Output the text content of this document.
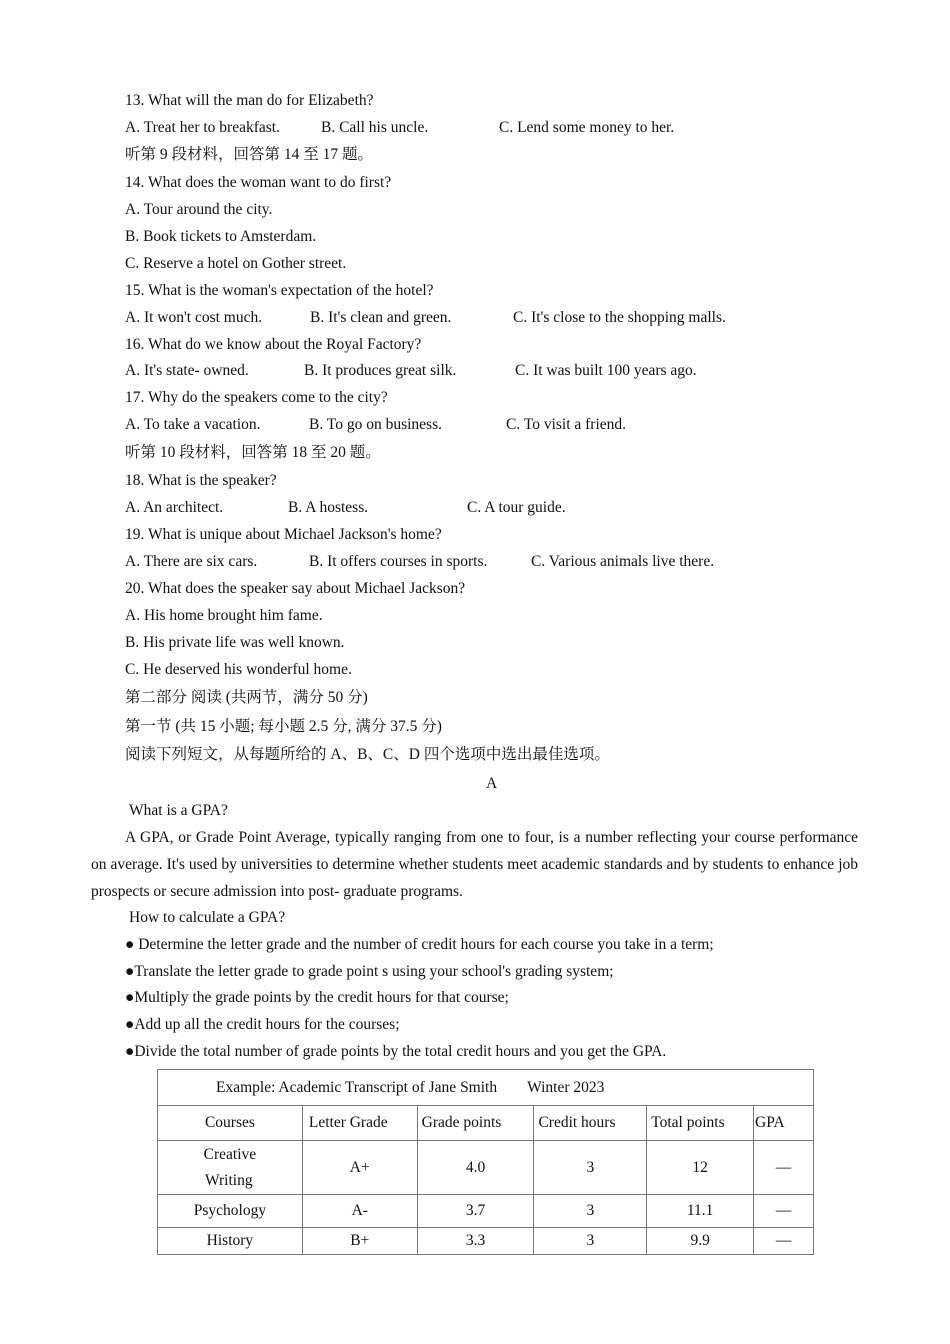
13. What will the man do for Elizabeth?
A. Treat her to breakfast.	B. Call his uncle.	C. Lend some money to her.
听第 9 段材料，回答第 14 至 17 题。
14. What does the woman want to do first?
A. Tour around the city.
B. Book tickets to Amsterdam.
C. Reserve a hotel on Gother street.
15. What is the woman's expectation of the hotel?
A. It won't cost much.	B. It's clean and green.	C. It's close to the shopping malls.
16. What do we know about the Royal Factory?
A. It's state- owned.	B. It produces great silk.	C. It was built 100 years ago.
17. Why do the speakers come to the city?
A. To take a vacation.	B. To go on business.	C. To visit a friend.
听第 10 段材料，回答第 18 至 20 题。
18. What is the speaker?
A. An architect.	B. A hostess.	C. A tour guide.
19. What is unique about Michael Jackson's home?
A. There are six cars.	B. It offers courses in sports.	C. Various animals live there.
20. What does the speaker say about Michael Jackson?
A. His home brought him fame.
B. His private life was well known.
C. He deserved his wonderful home.
第二部分 阅读 (共两节，满分 50 分)
第一节 (共 15 小题; 每小题 2.5 分, 满分 37.5 分)
阅读下列短文，从每题所给的 A、B、C、D 四个选项中选出最佳选项。
A
What is a GPA?
A GPA, or Grade Point Average, typically ranging from one to four, is a number reflecting your course performance on average. It's used by universities to determine whether students meet academic standards and by students to enhance job prospects or secure admission into post- graduate programs.
How to calculate a GPA?
● Determine the letter grade and the number of credit hours for each course you take in a term;
●Translate the letter grade to grade point s using your school's grading system;
●Multiply the grade points by the credit hours for that course;
●Add up all the credit hours for the courses;
●Divide the total number of grade points by the total credit hours and you get the GPA.
Example: Academic Transcript of Jane Smith Winter 2023					
Courses	Letter Grade	Grade points	Credit hours	Total points	GPA

Creative
Writing	A+	4.0	3	12	—
Psychology	A-	3.7	3	11.1	—
History	B+	3.3	3	9.9	—
